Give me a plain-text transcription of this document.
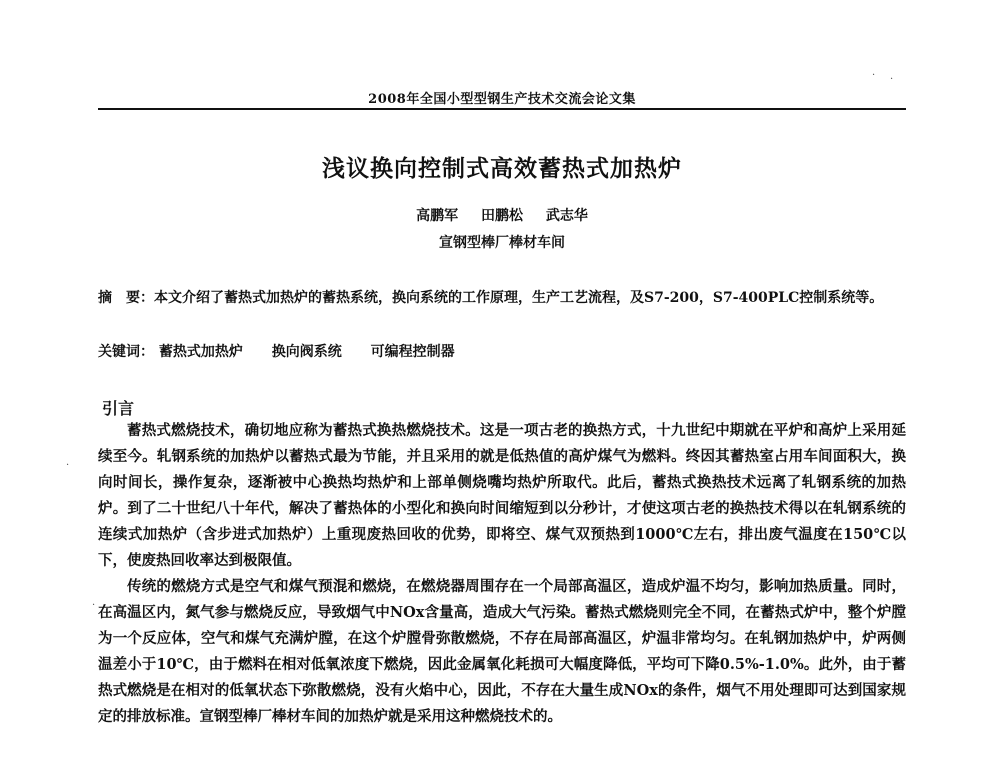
2008年全国小型型钢生产技术交流会论文集
浅议换向控制式高效蓄热式加热炉
高鹏军 田鹏松 武志华
宣钢型棒厂棒材车间
摘　要：本文介绍了蓄热式加热炉的蓄热系统，换向系统的工作原理，生产工艺流程，及S7-200，S7-400PLC控制系统等。
关键词： 蓄热式加热炉 换向阀系统 可编程控制器
引言

蓄热式燃烧技术，确切地应称为蓄热式换热燃烧技术。这是一项古老的换热方式，十九世纪中期就在平炉和高炉上采用延续至今。轧钢系统的加热炉以蓄热式最为节能，并且采用的就是低热值的高炉煤气为燃料。终因其蓄热室占用车间面积大，换向时间长，操作复杂，逐渐被中心换热均热炉和上部单侧烧嘴均热炉所取代。此后，蓄热式换热技术远离了轧钢系统的加热炉。到了二十世纪八十年代，解决了蓄热体的小型化和换向时间缩短到以分秒计，才使这项古老的换热技术得以在轧钢系统的连续式加热炉（含步进式加热炉）上重现废热回收的优势，即将空、煤气双预热到1000℃左右，排出废气温度在150℃以下，使废热回收率达到极限值。

传统的燃烧方式是空气和煤气预混和燃烧，在燃烧器周围存在一个局部高温区，造成炉温不均匀，影响加热质量。同时，在高温区内，氮气参与燃烧反应，导致烟气中NOx含量高，造成大气污染。蓄热式燃烧则完全不同，在蓄热式炉中，整个炉膛为一个反应体，空气和煤气充满炉膛，在这个炉膛骨弥散燃烧，不存在局部高温区，炉温非常均匀。在轧钢加热炉中，炉两侧温差小于10℃，由于燃料在相对低氧浓度下燃烧，因此金属氧化耗损可大幅度降低，平均可下降0.5%-1.0%。此外，由于蓄热式燃烧是在相对的低氧状态下弥散燃烧，没有火焰中心，因此，不存在大量生成NOx的条件，烟气不用处理即可达到国家规定的排放标准。宣钢型棒厂棒材车间的加热炉就是采用这种燃烧技术的。

· ·
·
·
